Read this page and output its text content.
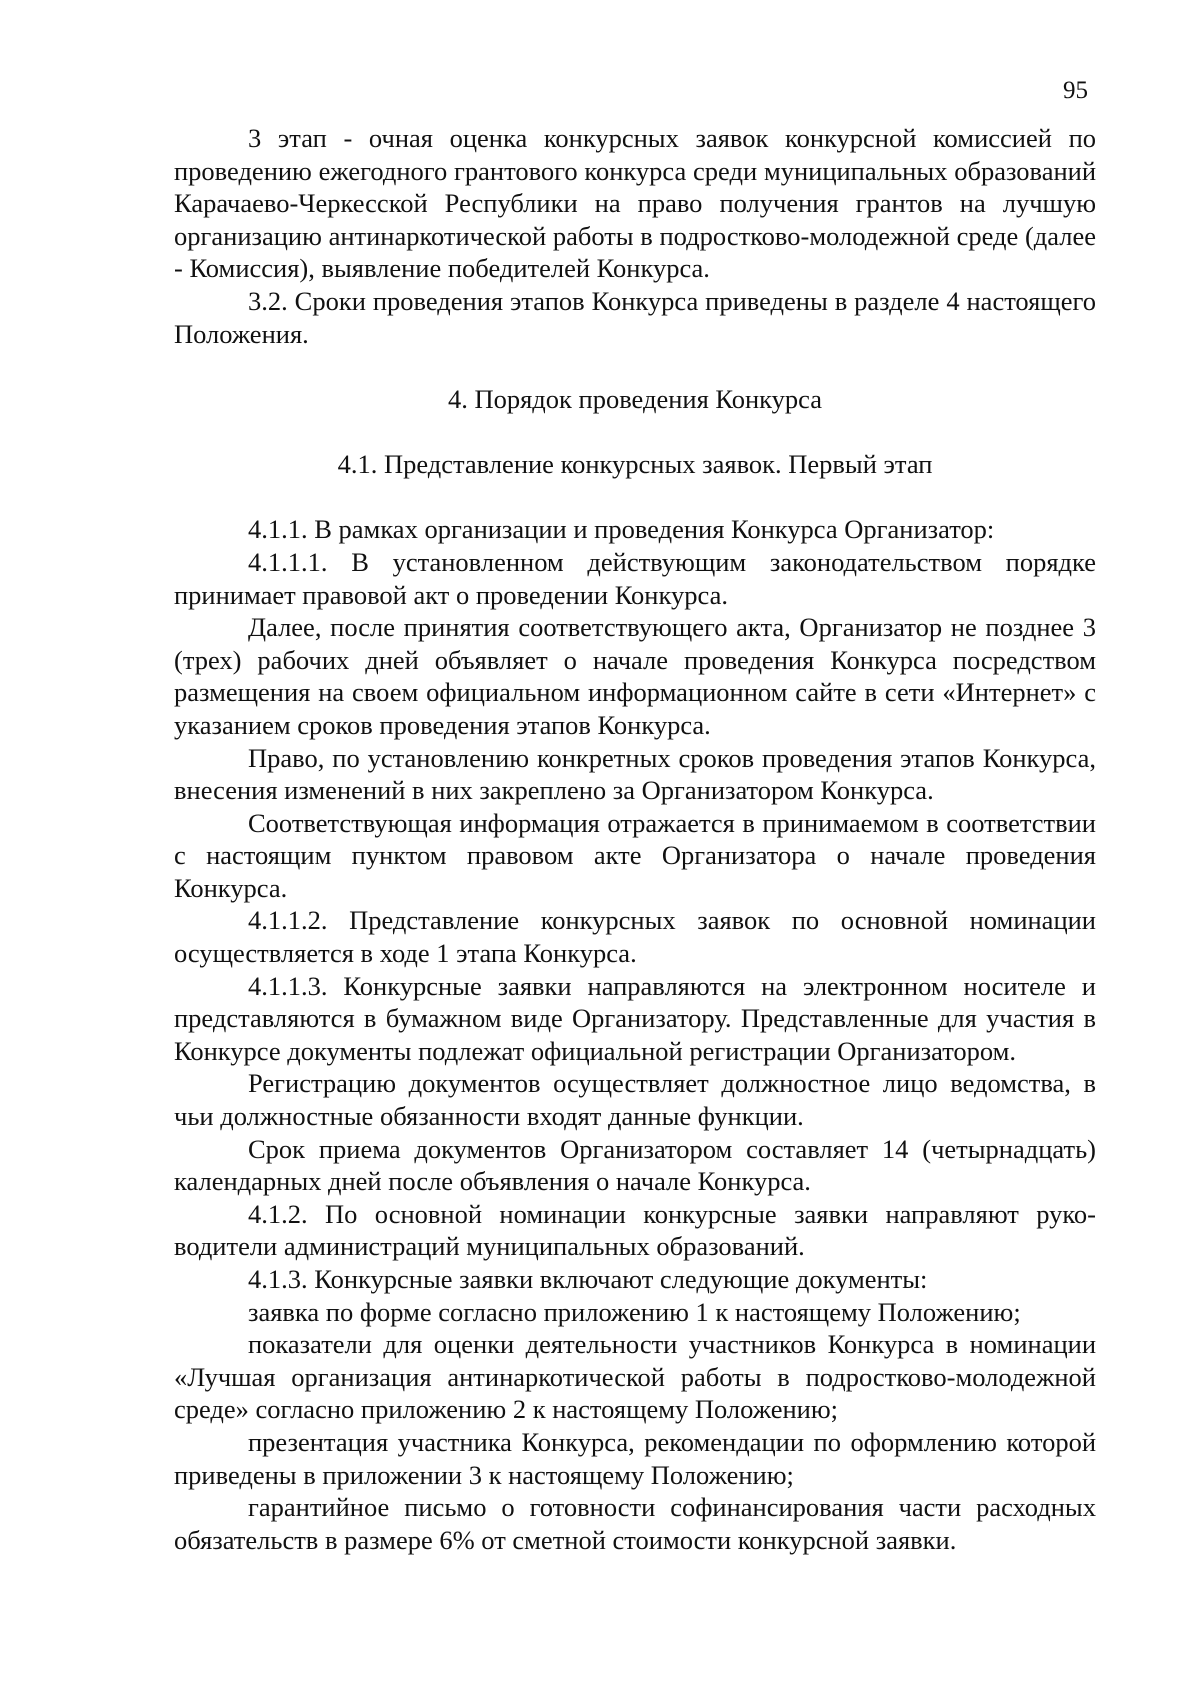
95

3 этап - очная оценка конкурсных заявок конкурсной комиссией по проведению ежегодного грантового конкурса среди муниципальных образований Карачаево-Черкесской Республики на право получения грантов на лучшую организацию антинаркотической работы в подростково-молодежной среде (далее - Комиссия), выявление победителей Конкурса.

3.2. Сроки проведения этапов Конкурса приведены в разделе 4 настоящего Положения.

4. Порядок проведения Конкурса

4.1. Представление конкурсных заявок. Первый этап

4.1.1. В рамках организации и проведения Конкурса Организатор:

4.1.1.1. В установленном действующим законодательством порядке принимает правовой акт о проведении Конкурса.

Далее, после принятия соответствующего акта, Организатор не позднее 3 (трех) рабочих дней объявляет о начале проведения Конкурса посредством размещения на своем официальном информационном сайте в сети «Интернет» с указанием сроков проведения этапов Конкурса.

Право, по установлению конкретных сроков проведения этапов Конкурса, внесения изменений в них закреплено за Организатором Конкурса.

Соответствующая информация отражается в принимаемом в соответствии с настоящим пунктом правовом акте Организатора о начале проведения Конкурса.

4.1.1.2. Представление конкурсных заявок по основной номинации осуществляется в ходе 1 этапа Конкурса.

4.1.1.3. Конкурсные заявки направляются на электронном носителе и представляются в бумажном виде Организатору. Представленные для участия в Конкурсе документы подлежат официальной регистрации Организатором.

Регистрацию документов осуществляет должностное лицо ведомства, в чьи должностные обязанности входят данные функции.

Срок приема документов Организатором составляет 14 (четырнадцать) календарных дней после объявления о начале Конкурса.

4.1.2. По основной номинации конкурсные заявки направляют руководители администраций муниципальных образований.

4.1.3. Конкурсные заявки включают следующие документы:

заявка по форме согласно приложению 1 к настоящему Положению;

показатели для оценки деятельности участников Конкурса в номинации «Лучшая организация антинаркотической работы в подростково-молодежной среде» согласно приложению 2 к настоящему Положению;

презентация участника Конкурса, рекомендации по оформлению которой приведены в приложении 3 к настоящему Положению;

гарантийное письмо о готовности софинансирования части расходных обязательств в размере 6% от сметной стоимости конкурсной заявки.
